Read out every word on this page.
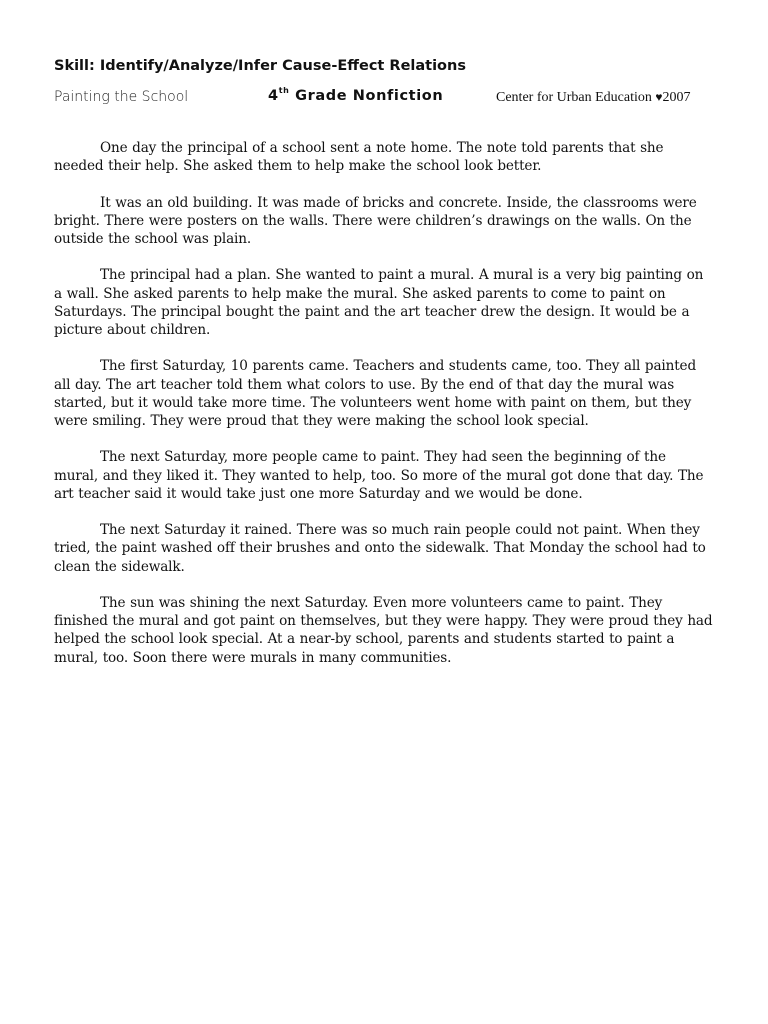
Skill: Identify/Analyze/Infer Cause-Effect Relations
Painting the School	4th Grade Nonfiction	Center for Urban Education ♥2007

One day the principal of a school sent a note home. The note told parents that she needed their help. She asked them to help make the school look better.

It was an old building. It was made of bricks and concrete. Inside, the classrooms were bright. There were posters on the walls. There were children’s drawings on the walls. On the outside the school was plain.

The principal had a plan. She wanted to paint a mural. A mural is a very big painting on a wall. She asked parents to help make the mural. She asked parents to come to paint on Saturdays. The principal bought the paint and the art teacher drew the design. It would be a picture about children.

The first Saturday, 10 parents came. Teachers and students came, too. They all painted all day. The art teacher told them what colors to use. By the end of that day the mural was started, but it would take more time. The volunteers went home with paint on them, but they were smiling. They were proud that they were making the school look special.

The next Saturday, more people came to paint. They had seen the beginning of the mural, and they liked it. They wanted to help, too. So more of the mural got done that day. The art teacher said it would take just one more Saturday and we would be done.

The next Saturday it rained. There was so much rain people could not paint. When they tried, the paint washed off their brushes and onto the sidewalk. That Monday the school had to clean the sidewalk.

The sun was shining the next Saturday. Even more volunteers came to paint. They finished the mural and got paint on themselves, but they were happy. They were proud they had helped the school look special. At a near-by school, parents and students started to paint a mural, too. Soon there were murals in many communities.
